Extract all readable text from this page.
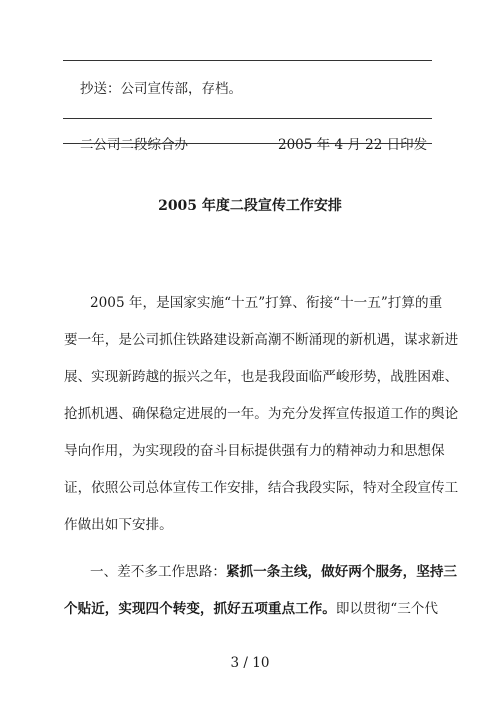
抄送：公司宣传部，存档。
二公司二段综合办	2005 年 4 月 22 日印发
2005 年度二段宣传工作安排
2005 年，是国家实施“十五”打算、衔接“十一五”打算的重
要一年，是公司抓住铁路建设新高潮不断涌现的新机遇，谋求新进
展、实现新跨越的振兴之年，也是我段面临严峻形势，战胜困难、
抢抓机遇、确保稳定进展的一年。为充分发挥宣传报道工作的舆论
导向作用，为实现段的奋斗目标提供强有力的精神动力和思想保
证，依照公司总体宣传工作安排，结合我段实际，特对全段宣传工
作做出如下安排。
一、差不多工作思路：紧抓一条主线，做好两个服务，坚持三
个贴近，实现四个转变，抓好五项重点工作。即以贯彻“三个代
3 / 10
